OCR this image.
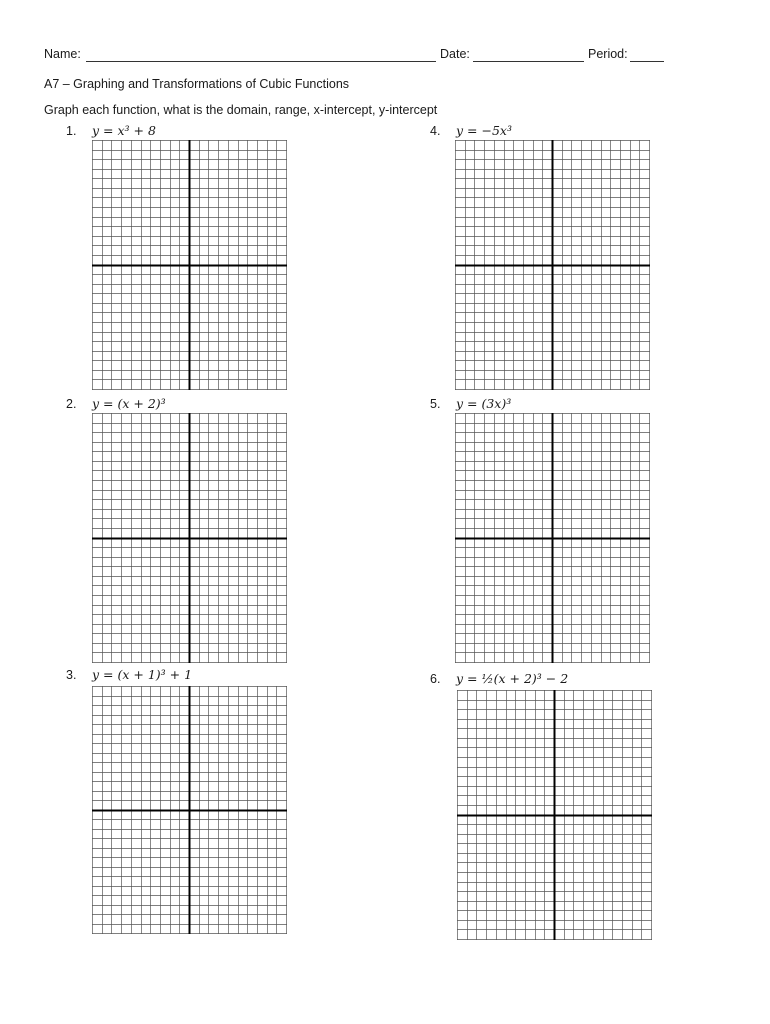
Name:	Date:	Period:
A7 – Graphing and Transformations of Cubic Functions
Graph each function, what is the domain, range, x-intercept, y-intercept
1. y = x³ + 8
2. y = (x + 2)³
3. y = (x + 1)³ + 1
4. y = −5x³
5. y = (3x)³
6. y = ½(x + 2)³ − 2
